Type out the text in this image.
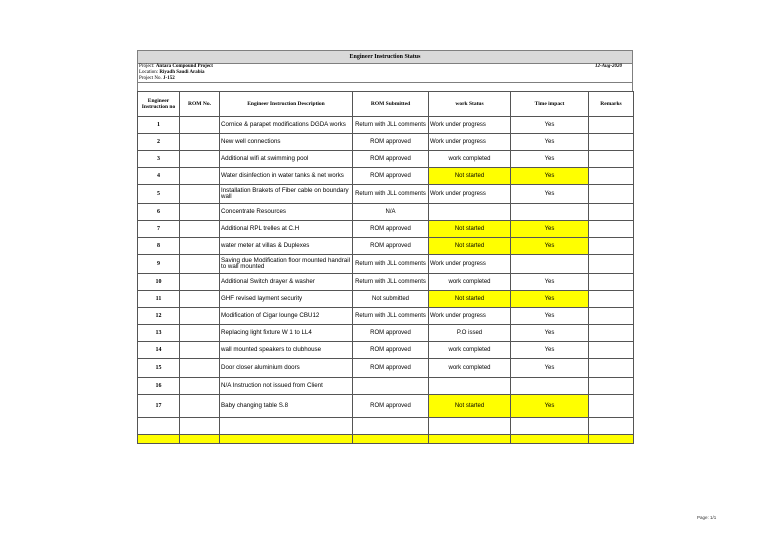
Engineer Instruction Status
Project: Antara Compound Project	12-Aug-2020
Location: Riyadh Saudi Arabia
Project No. J-152
Engineer Instruction no	ROM No.	Engineer Instruction Description	ROM Submitted	work Status	Time impact	Remarks
1		Cornice & parapet modifications DGDA works	Return with JLL comments	Work under progress	Yes	
2		New well connections	ROM approved	Work under progress	Yes	
3		Additional wifi at swimming pool	ROM approved	work completed	Yes	
4		Water disinfection in water tanks & net works	ROM approved	Not started	Yes	
5		Installation Brakets of Fiber cable on boundary wall	Return with JLL comments	Work under progress	Yes	
6		Concentrate Resources	N/A			
7		Additional RPL trelles at C.H	ROM approved	Not started	Yes	
8		water meter at villas & Duplexes	ROM approved	Not started	Yes	
9		Saving due Modification floor mounted handrail to wall mounted	Return with JLL comments	Work under progress		
10		Additional Switch drayer & washer	Return with JLL comments	work completed	Yes	
11		GHF revised layment security	Not submitted	Not started	Yes	
12		Modification of Cigar lounge CBU12	Return with JLL comments	Work under progress	Yes	
13		Replacing light fixture W 1 to LL4	ROM approved	P.O issed	Yes	
14		wall mounted speakers to clubhouse	ROM approved	work completed	Yes	
15		Door closer aluminium doors	ROM approved	work completed	Yes	
16		N/A Instruction not issued from Client				
17		Baby changing table S.8	ROM approved	Not started	Yes	

Page: 1/1
